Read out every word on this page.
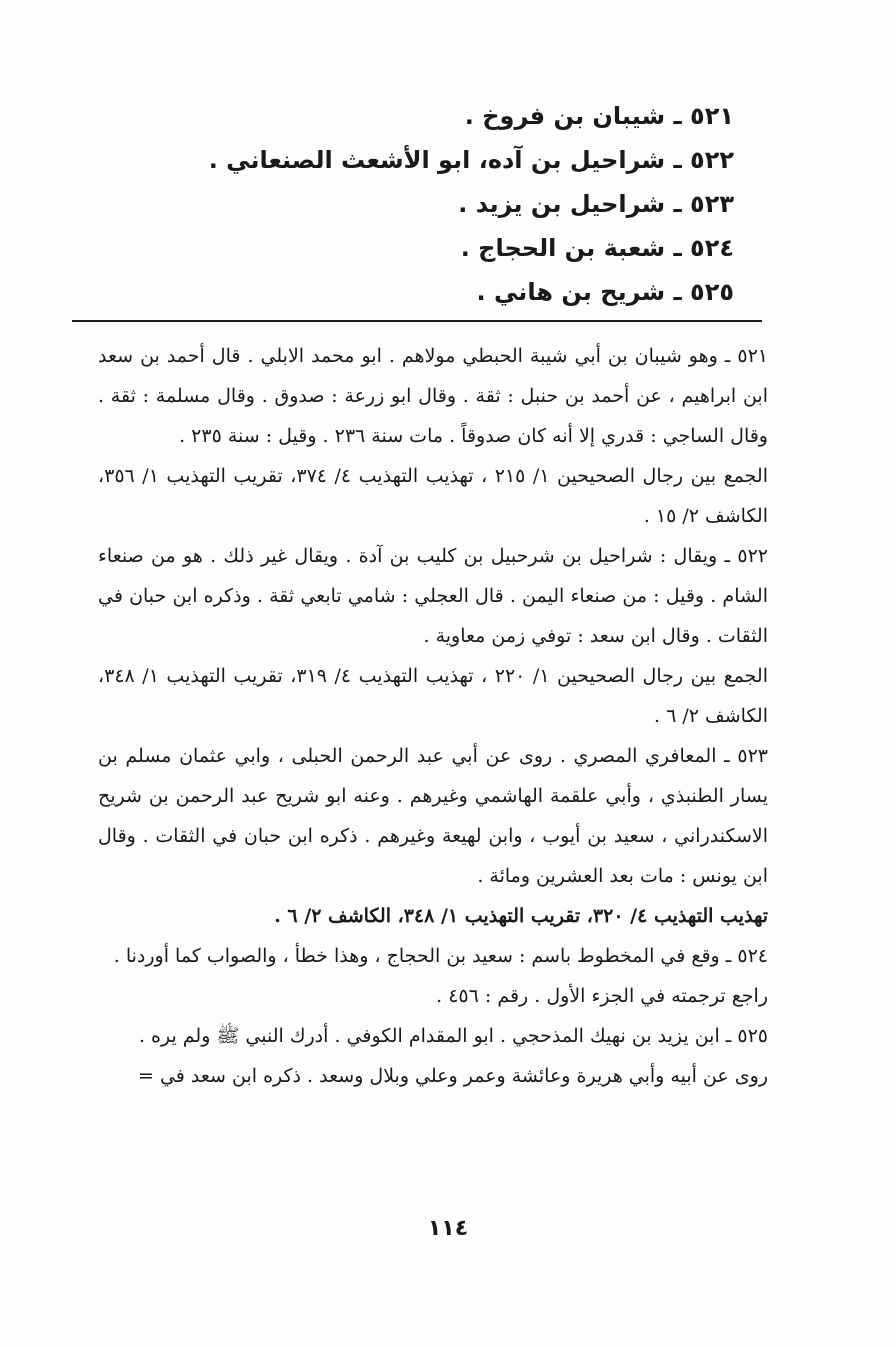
٥٢١ ـ شيبان بن فروخ .
٥٢٢ ـ شراحيل بن آده، ابو الأشعث الصنعاني .
٥٢٣ ـ شراحيل بن يزيد .
٥٢٤ ـ شعبة بن الحجاج .
٥٢٥ ـ شريح بن هاني .

٥٢١ ـ وهو شيبان بن أبي شيبة الحبطي مولاهم . ابو محمد الابلي . قال أحمد بن سعد ابن ابراهيم ، عن أحمد بن حنبل : ثقة . وقال ابو زرعة : صدوق . وقال مسلمة : ثقة . وقال الساجي : قدري إلا أنه كان صدوقاً . مات سنة ٢٣٦ . وقيل : سنة ٢٣٥ .

الجمع بين رجال الصحيحين ١/ ٢١٥ ، تهذيب التهذيب ٤/ ٣٧٤، تقريب التهذيب ١/ ٣٥٦، الكاشف ٢/ ١٥ .

٥٢٢ ـ ويقال : شراحيل بن شرحبيل بن كليب بن آدة . ويقال غير ذلك . هو من صنعاء الشام . وقيل : من صنعاء اليمن . قال العجلي : شامي تابعي ثقة . وذكره ابن حبان في الثقات . وقال ابن سعد : توفي زمن معاوية .

الجمع بين رجال الصحيحين ١/ ٢٢٠ ، تهذيب التهذيب ٤/ ٣١٩، تقريب التهذيب ١/ ٣٤٨، الكاشف ٢/ ٦ .

٥٢٣ ـ المعافري المصري . روى عن أبي عبد الرحمن الحبلى ، وابي عثمان مسلم بن يسار الطنبذي ، وأبي علقمة الهاشمي وغيرهم . وعنه ابو شريح عبد الرحمن بن شريح الاسكندراني ، سعيد بن أيوب ، وابن لهيعة وغيرهم . ذكره ابن حبان في الثقات . وقال ابن يونس : مات بعد العشرين ومائة .

تهذيب التهذيب ٤/ ٣٢٠، تقريب التهذيب ١/ ٣٤٨، الكاشف ٢/ ٦ .

٥٢٤ ـ وقع في المخطوط باسم : سعيد بن الحجاج ، وهذا خطأ ، والصواب كما أوردنا .

راجع ترجمته في الجزء الأول . رقم : ٤٥٦ .

٥٢٥ ـ ابن يزيد بن نهيك المذحجي . ابو المقدام الكوفي . أدرك النبي ﷺ ولم يره .

روى عن أبيه وأبي هريرة وعائشة وعمر وعلي وبلال وسعد . ذكره ابن سعد في =

١١٤
